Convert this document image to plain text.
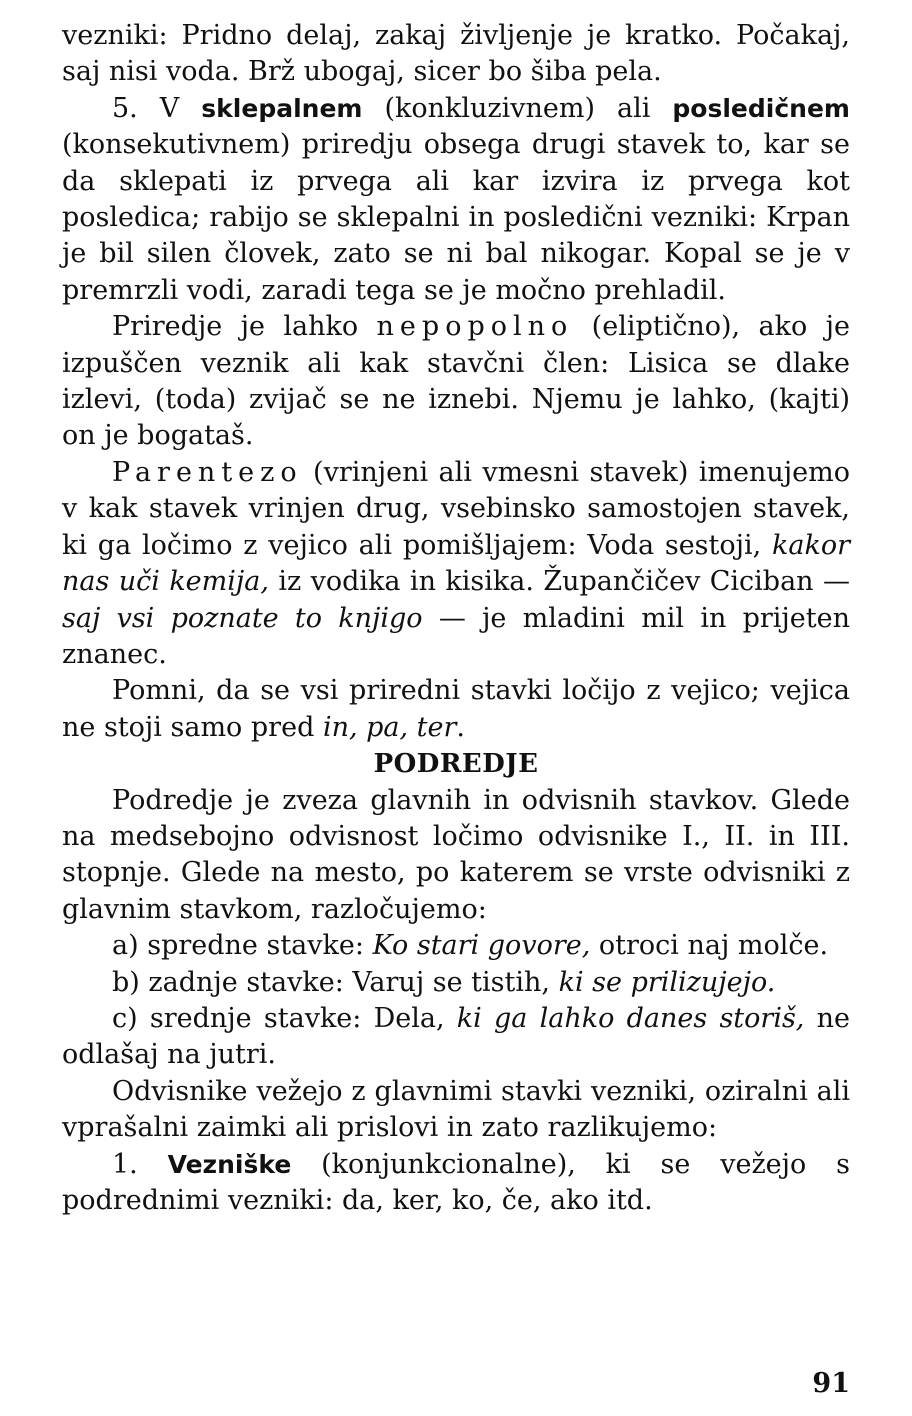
vezniki: Pridno delaj, zakaj življenje je kratko. Počakaj, saj nisi voda. Brž ubogaj, sicer bo šiba pela.

5. V sklepalnem (konkluzivnem) ali posledičnem (konsekutivnem) priredju obsega drugi stavek to, kar se da sklepati iz prvega ali kar izvira iz prvega kot posledica; rabijo se sklepalni in posledični vezniki: Krpan je bil silen človek, zato se ni bal nikogar. Kopal se je v premrzli vodi, zaradi tega se je močno prehladil.

Priredje je lahko nepopolno (eliptično), ako je izpuščen veznik ali kak stavčni člen: Lisica se dlake izlevi, (toda) zvijač se ne iznebi. Njemu je lahko, (kajti) on je bogataš.

Parentezo (vrinjeni ali vmesni stavek) imenujemo v kak stavek vrinjen drug, vsebinsko samostojen stavek, ki ga ločimo z vejico ali pomišljajem: Voda sestoji, kakor nas uči kemija, iz vodika in kisika. Župančičev Ciciban — saj vsi poznate to knjigo — je mladini mil in prijeten znanec.

Pomni, da se vsi priredni stavki ločijo z vejico; vejica ne stoji samo pred in, pa, ter.

PODREDJE

Podredje je zveza glavnih in odvisnih stavkov. Glede na medsebojno odvisnost ločimo odvisnike I., II. in III. stopnje. Glede na mesto, po katerem se vrste odvisniki z glavnim stavkom, razločujemo:

a) spredne stavke: Ko stari govore, otroci naj molče.

b) zadnje stavke: Varuj se tistih, ki se prilizujejo.

c) srednje stavke: Dela, ki ga lahko danes storiš, ne odlašaj na jutri.

Odvisnike vežejo z glavnimi stavki vezniki, oziralni ali vprašalni zaimki ali prislovi in zato razlikujemo:

1. Vezniške (konjunkcionalne), ki se vežejo s podrednimi vezniki: da, ker, ko, če, ako itd.

91
